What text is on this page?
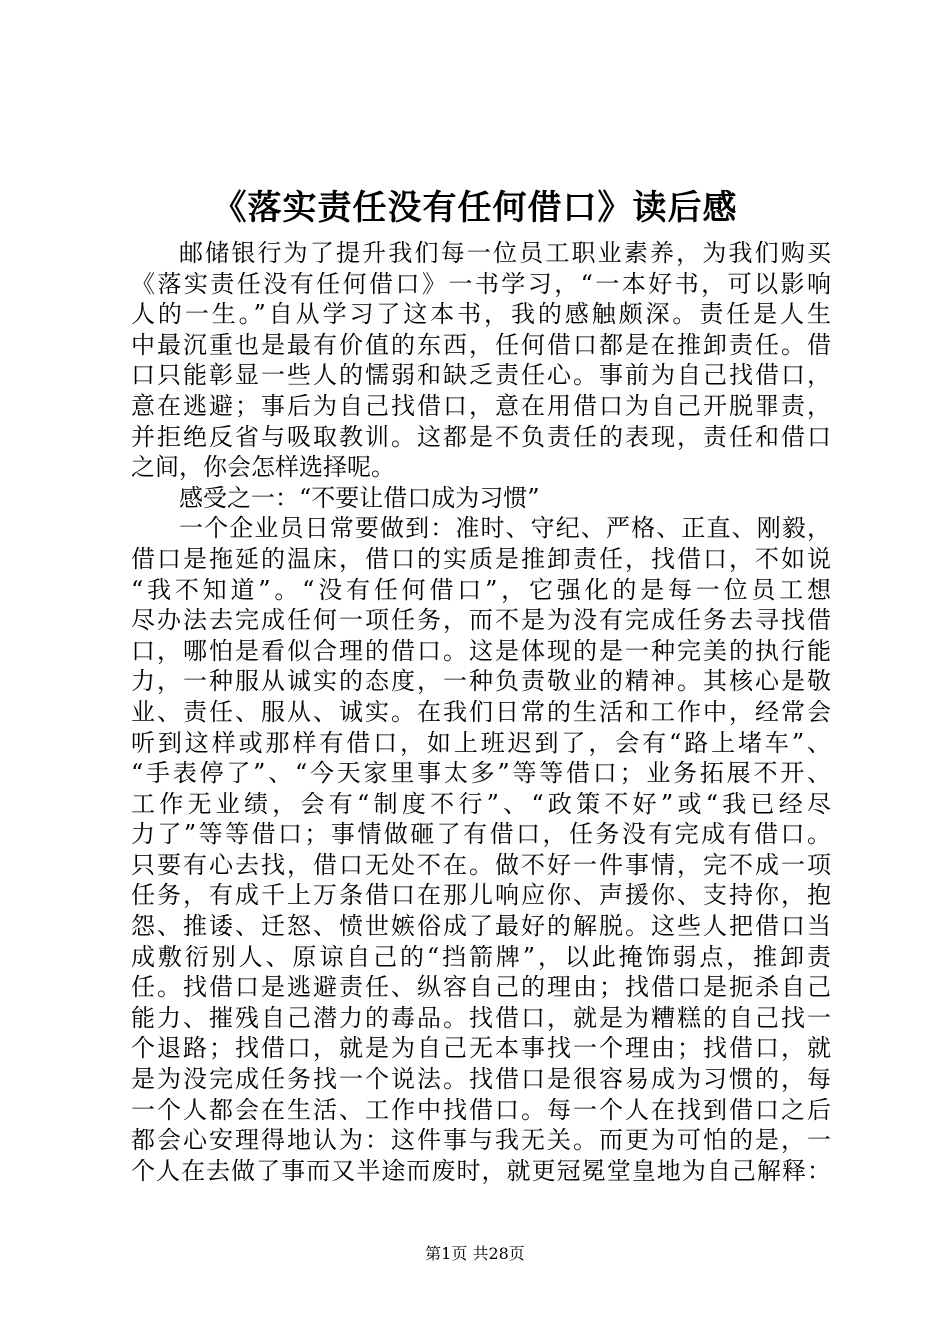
《落实责任没有任何借口》读后感
邮储银行为了提升我们每一位员工职业素养，为我们购买
《落实责任没有任何借口》一书学习，“一本好书，可以影响
人的一生。”自从学习了这本书，我的感触颇深。责任是人生
中最沉重也是最有价值的东西，任何借口都是在推卸责任。借
口只能彰显一些人的懦弱和缺乏责任心。事前为自己找借口，
意在逃避；事后为自己找借口，意在用借口为自己开脱罪责，
并拒绝反省与吸取教训。这都是不负责任的表现，责任和借口
之间，你会怎样选择呢。
感受之一：“不要让借口成为习惯”
一个企业员日常要做到：准时、守纪、严格、正直、刚毅，
借口是拖延的温床，借口的实质是推卸责任，找借口，不如说
“我不知道”。“没有任何借口”，它强化的是每一位员工想
尽办法去完成任何一项任务，而不是为没有完成任务去寻找借
口，哪怕是看似合理的借口。这是体现的是一种完美的执行能
力，一种服从诚实的态度，一种负责敬业的精神。其核心是敬
业、责任、服从、诚实。在我们日常的生活和工作中，经常会
听到这样或那样有借口，如上班迟到了，会有“路上堵车”、
“手表停了”、“今天家里事太多”等等借口；业务拓展不开、
工作无业绩，会有“制度不行”、“政策不好”或“我已经尽
力了”等等借口；事情做砸了有借口，任务没有完成有借口。
只要有心去找，借口无处不在。做不好一件事情，完不成一项
任务，有成千上万条借口在那儿响应你、声援你、支持你，抱
怨、推诿、迁怒、愤世嫉俗成了最好的解脱。这些人把借口当
成敷衍别人、原谅自己的“挡箭牌”，以此掩饰弱点，推卸责
任。找借口是逃避责任、纵容自己的理由；找借口是扼杀自己
能力、摧残自己潜力的毒品。找借口，就是为糟糕的自己找一
个退路；找借口，就是为自己无本事找一个理由；找借口，就
是为没完成任务找一个说法。找借口是很容易成为习惯的，每
一个人都会在生活、工作中找借口。每一个人在找到借口之后
都会心安理得地认为：这件事与我无关。而更为可怕的是，一
个人在去做了事而又半途而废时，就更冠冕堂皇地为自己解释：
第1页 共28页
